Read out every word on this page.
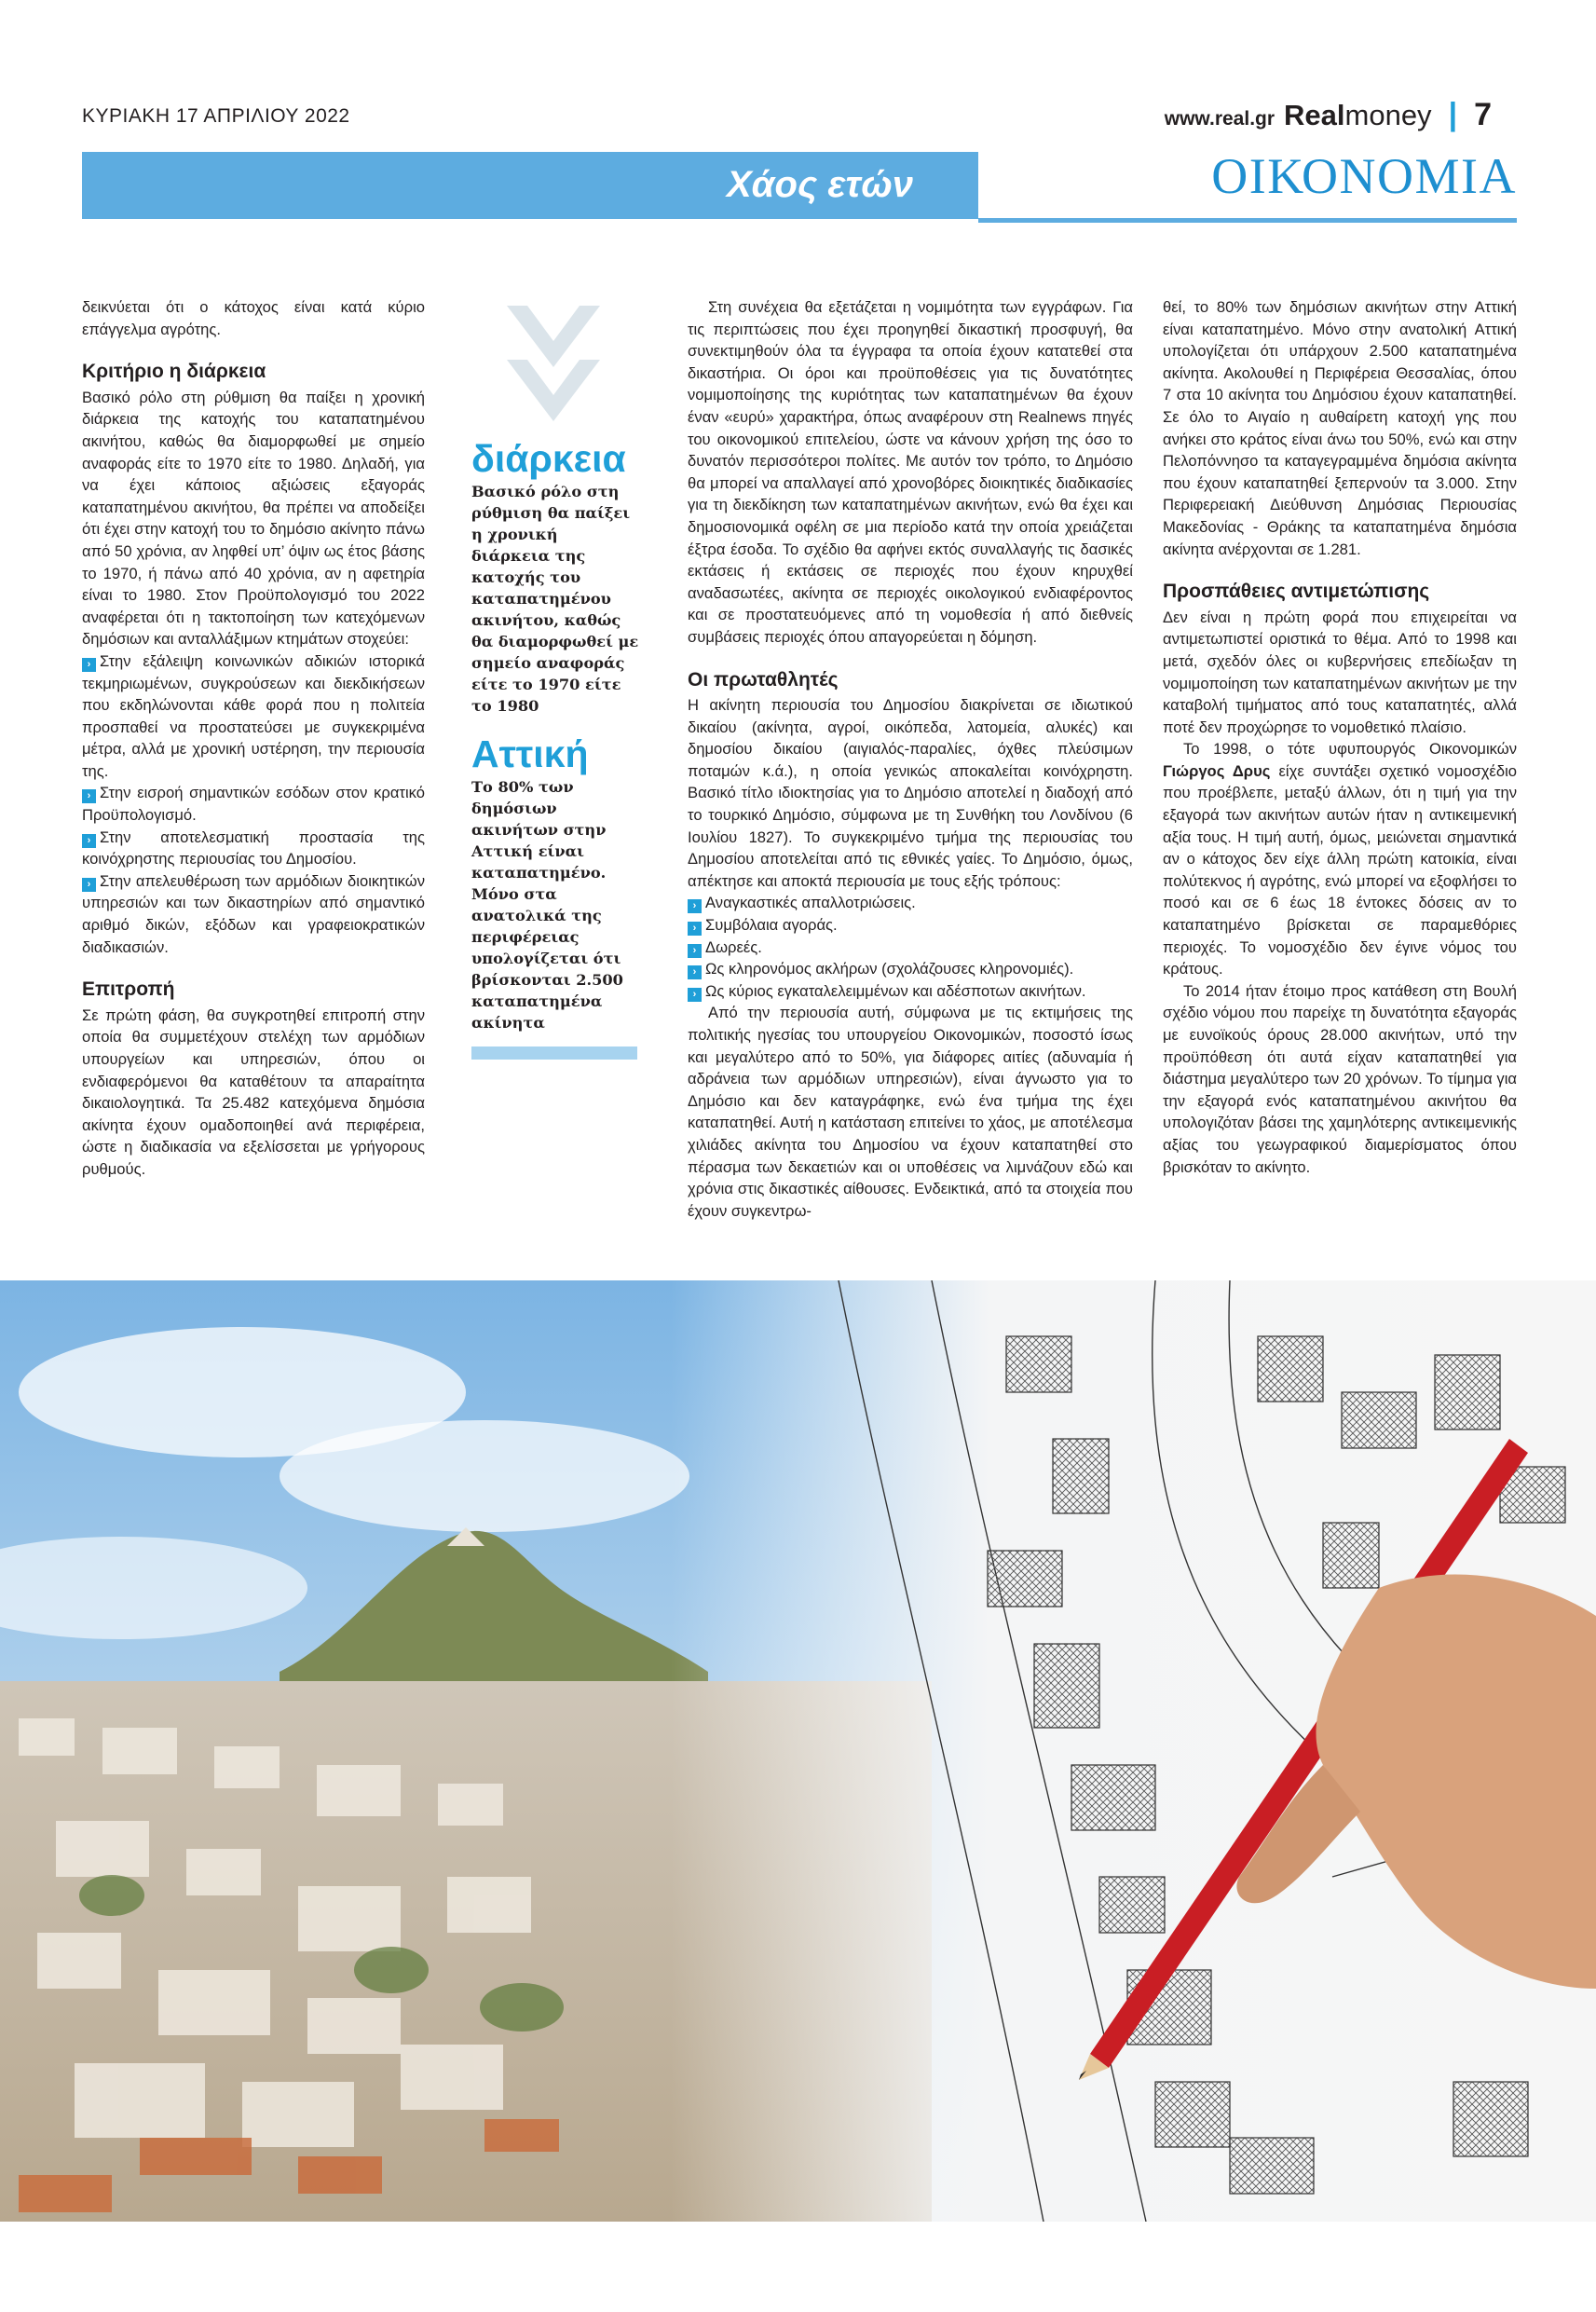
ΚΥΡΙΑΚΗ 17 ΑΠΡΙΛΙΟΥ 2022	www.real.gr Real money | 7
Χάος ετών	ΟΙΚΟΝΟΜΙΑ

δεικνύεται ότι ο κάτοχος είναι κατά κύριο επάγγελμα αγρότης.

Κριτήριο η διάρκεια

Βασικό ρόλο στη ρύθμιση θα παίξει η χρονική διάρκεια της κατοχής του καταπατημένου ακινήτου, καθώς θα διαμορφωθεί με σημείο αναφοράς είτε το 1970 είτε το 1980. Δηλαδή, για να έχει κάποιος αξιώσεις εξαγοράς καταπατημένου ακινήτου, θα πρέπει να αποδείξει ότι έχει στην κατοχή του το δημόσιο ακίνητο πάνω από 50 χρόνια, αν ληφθεί υπ’ όψιν ως έτος βάσης το 1970, ή πάνω από 40 χρόνια, αν η αφετηρία είναι το 1980. Στον Προϋπολογισμό του 2022 αναφέρεται ότι η τακτοποίηση των κατεχόμενων δημόσιων και ανταλλάξιμων κτημάτων στοχεύει:

› Στην εξάλειψη κοινωνικών αδικιών ιστορικά τεκμηριωμένων, συγκρούσεων και διεκδικήσεων που εκδηλώνονται κάθε φορά που η πολιτεία προσπαθεί να προστατεύσει με συγκεκριμένα μέτρα, αλλά με χρονική υστέρηση, την περιουσία της.

› Στην εισροή σημαντικών εσόδων στον κρατικό Προϋπολογισμό.

› Στην αποτελεσματική προστασία της κοινόχρηστης περιουσίας του Δημοσίου.

› Στην απελευθέρωση των αρμόδιων διοικητικών υπηρεσιών και των δικαστηρίων από σημαντικό αριθμό δικών, εξόδων και γραφειοκρατικών διαδικασιών.

Επιτροπή

Σε πρώτη φάση, θα συγκροτηθεί επιτροπή στην οποία θα συμμετέχουν στελέχη των αρμόδιων υπουργείων και υπηρεσιών, όπου οι ενδιαφερόμενοι θα καταθέτουν τα απαραίτητα δικαιολογητικά. Τα 25.482 κατεχόμενα δημόσια ακίνητα έχουν ομαδοποιηθεί ανά περιφέρεια, ώστε η διαδικασία να εξελίσσεται με γρήγορους ρυθμούς.

διάρκεια

Βασικό ρόλο στη ρύθμιση θα παίξει η χρονική διάρκεια της κατοχής του καταπατημένου ακινήτου, καθώς θα διαμορφωθεί με σημείο αναφοράς είτε το 1970 είτε το 1980

Αττική

Το 80% των δημόσιων ακινήτων στην Αττική είναι καταπατημένο. Μόνο στα ανατολικά της περιφέρειας υπολογίζεται ότι βρίσκονται 2.500 καταπατημένα ακίνητα

Στη συνέχεια θα εξετάζεται η νομιμότητα των εγγράφων. Για τις περιπτώσεις που έχει προηγηθεί δικαστική προσφυγή, θα συνεκτιμηθούν όλα τα έγγραφα τα οποία έχουν κατατεθεί στα δικαστήρια. Οι όροι και προϋποθέσεις για τις δυνατότητες νομιμοποίησης της κυριότητας των καταπατημένων θα έχουν έναν «ευρύ» χαρακτήρα, όπως αναφέρουν στη Realnews πηγές του οικονομικού επιτελείου, ώστε να κάνουν χρήση της όσο το δυνατόν περισσότεροι πολίτες. Με αυτόν τον τρόπο, το Δημόσιο θα μπορεί να απαλλαγεί από χρονοβόρες διοικητικές διαδικασίες για τη διεκδίκηση των καταπατημένων ακινήτων, ενώ θα έχει και δημοσιονομικά οφέλη σε μια περίοδο κατά την οποία χρειάζεται έξτρα έσοδα. Το σχέδιο θα αφήνει εκτός συναλλαγής τις δασικές εκτάσεις ή εκτάσεις σε περιοχές που έχουν κηρυχθεί αναδασωτέες, ακίνητα σε περιοχές οικολογικού ενδιαφέροντος και σε προστατευόμενες από τη νομοθεσία ή από διεθνείς συμβάσεις περιοχές όπου απαγορεύεται η δόμηση.

Οι πρωταθλητές

Η ακίνητη περιουσία του Δημοσίου διακρίνεται σε ιδιωτικού δικαίου (ακίνητα, αγροί, οικόπεδα, λατομεία, αλυκές) και δημοσίου δικαίου (αιγιαλός-παραλίες, όχθες πλεύσιμων ποταμών κ.ά.), η οποία γενικώς αποκαλείται κοινόχρηστη. Βασικό τίτλο ιδιοκτησίας για το Δημόσιο αποτελεί η διαδοχή από το τουρκικό Δημόσιο, σύμφωνα με τη Συνθήκη του Λονδίνου (6 Ιουλίου 1827). Το συγκεκριμένο τμήμα της περιουσίας του Δημοσίου αποτελείται από τις εθνικές γαίες. Το Δημόσιο, όμως, απέκτησε και αποκτά περιουσία με τους εξής τρόπους:

› Αναγκαστικές απαλλοτριώσεις.

› Συμβόλαια αγοράς.

› Δωρεές.

› Ως κληρονόμος ακλήρων (σχολάζουσες κληρονομιές).

› Ως κύριος εγκαταλελειμμένων και αδέσποτων ακινήτων.

Από την περιουσία αυτή, σύμφωνα με τις εκτιμήσεις της πολιτικής ηγεσίας του υπουργείου Οικονομικών, ποσοστό ίσως και μεγαλύτερο από το 50%, για διάφορες αιτίες (αδυναμία ή αδράνεια των αρμόδιων υπηρεσιών), είναι άγνωστο για το Δημόσιο και δεν καταγράφηκε, ενώ ένα τμήμα της έχει καταπατηθεί. Αυτή η κατάσταση επιτείνει το χάος, με αποτέλεσμα χιλιάδες ακίνητα του Δημοσίου να έχουν καταπατηθεί στο πέρασμα των δεκαετιών και οι υποθέσεις να λιμνάζουν εδώ και χρόνια στις δικαστικές αίθουσες. Ενδεικτικά, από τα στοιχεία που έχουν συγκεντρω-

θεί, το 80% των δημόσιων ακινήτων στην Αττική είναι καταπατημένο. Μόνο στην ανατολική Αττική υπολογίζεται ότι υπάρχουν 2.500 καταπατημένα ακίνητα. Ακολουθεί η Περιφέρεια Θεσσαλίας, όπου 7 στα 10 ακίνητα του Δημόσιου έχουν καταπατηθεί. Σε όλο το Αιγαίο η αυθαίρετη κατοχή γης που ανήκει στο κράτος είναι άνω του 50%, ενώ και στην Πελοπόννησο τα καταγεγραμμένα δημόσια ακίνητα που έχουν καταπατηθεί ξεπερνούν τα 3.000. Στην Περιφερειακή Διεύθυνση Δημόσιας Περιουσίας Μακεδονίας - Θράκης τα καταπατημένα δημόσια ακίνητα ανέρχονται σε 1.281.

Προσπάθειες αντιμετώπισης

Δεν είναι η πρώτη φορά που επιχειρείται να αντιμετωπιστεί οριστικά το θέμα. Από το 1998 και μετά, σχεδόν όλες οι κυβερνήσεις επεδίωξαν τη νομιμοποίηση των καταπατημένων ακινήτων με την καταβολή τιμήματος από τους καταπατητές, αλλά ποτέ δεν προχώρησε το νομοθετικό πλαίσιο.

Το 1998, ο τότε υφυπουργός Οικονομικών Γιώργος Δρυς είχε συντάξει σχετικό νομοσχέδιο που προέβλεπε, μεταξύ άλλων, ότι η τιμή για την εξαγορά των ακινήτων αυτών ήταν η αντικειμενική αξία τους. Η τιμή αυτή, όμως, μειώνεται σημαντικά αν ο κάτοχος δεν είχε άλλη πρώτη κατοικία, είναι πολύτεκνος ή αγρότης, ενώ μπορεί να εξοφλήσει το ποσό και σε 6 έως 18 έντοκες δόσεις αν το καταπατημένο βρίσκεται σε παραμεθόριες περιοχές. Το νομοσχέδιο δεν έγινε νόμος του κράτους.

Το 2014 ήταν έτοιμο προς κατάθεση στη Βουλή σχέδιο νόμου που παρείχε τη δυνατότητα εξαγοράς με ευνοϊκούς όρους 28.000 ακινήτων, υπό την προϋπόθεση ότι αυτά είχαν καταπατηθεί για διάστημα μεγαλύτερο των 20 χρόνων. Το τίμημα για την εξαγορά ενός καταπατημένου ακινήτου θα υπολογιζόταν βάσει της χαμηλότερης αντικειμενικής αξίας του γεωγραφικού διαμερίσματος όπου βρισκόταν το ακίνητο.
